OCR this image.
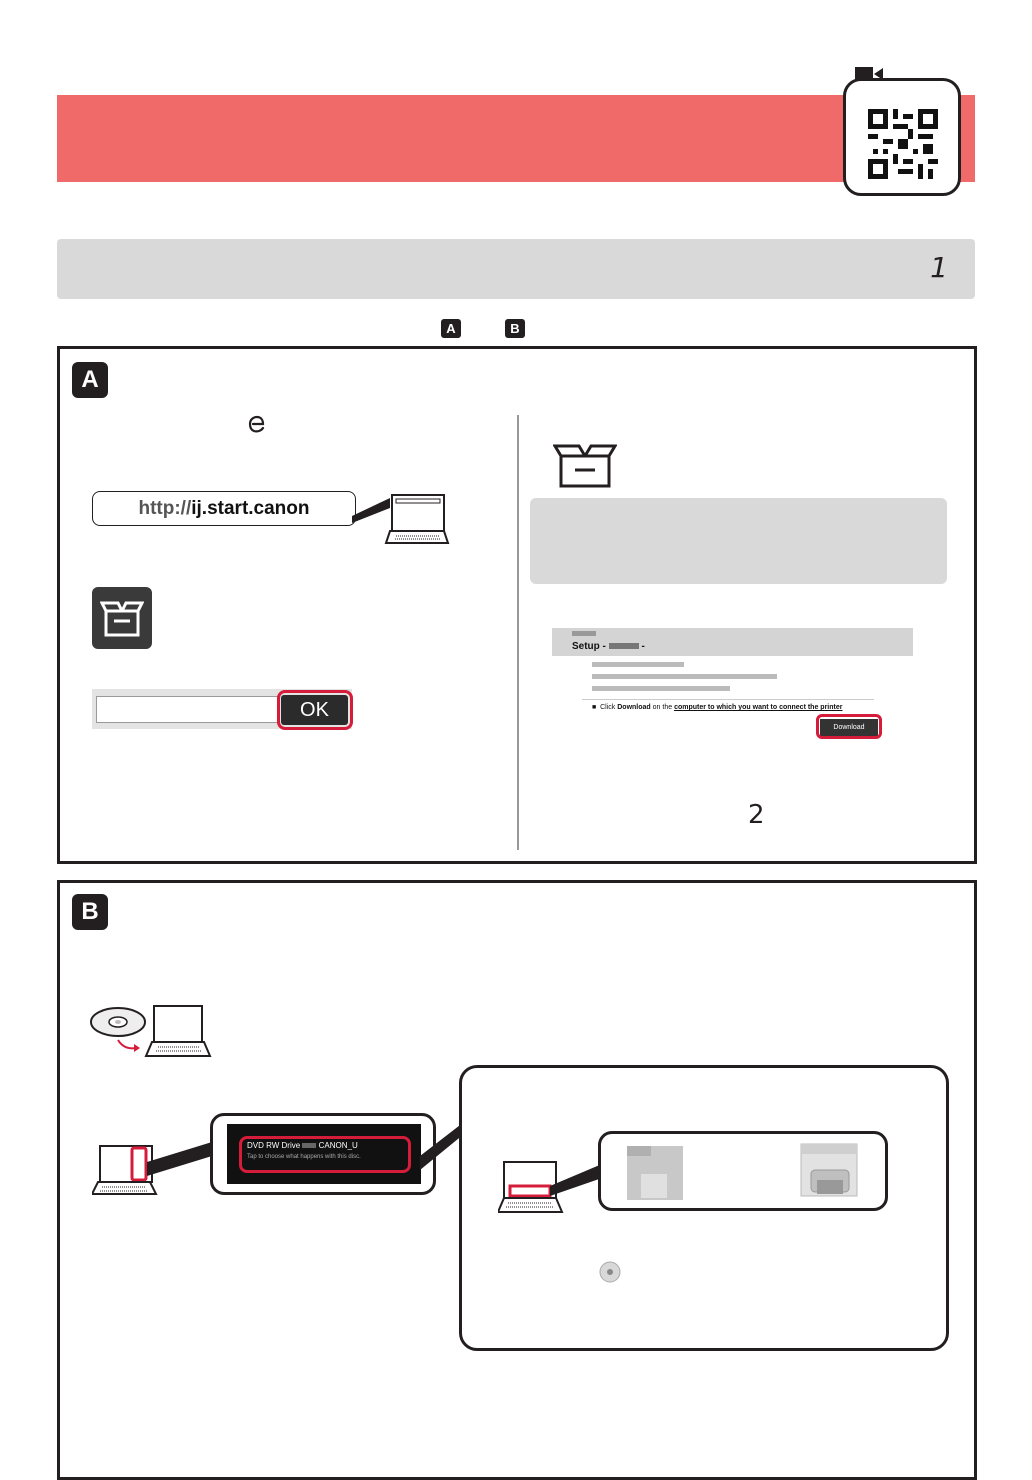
1
A	B
A
http:// ij.start.canon
OK
Setup -	-
■  Click Download on the computer to which you want to connect the printer
Download
2
B
DVD RW Drive CANON_U
Tap to choose what happens with this disc.
